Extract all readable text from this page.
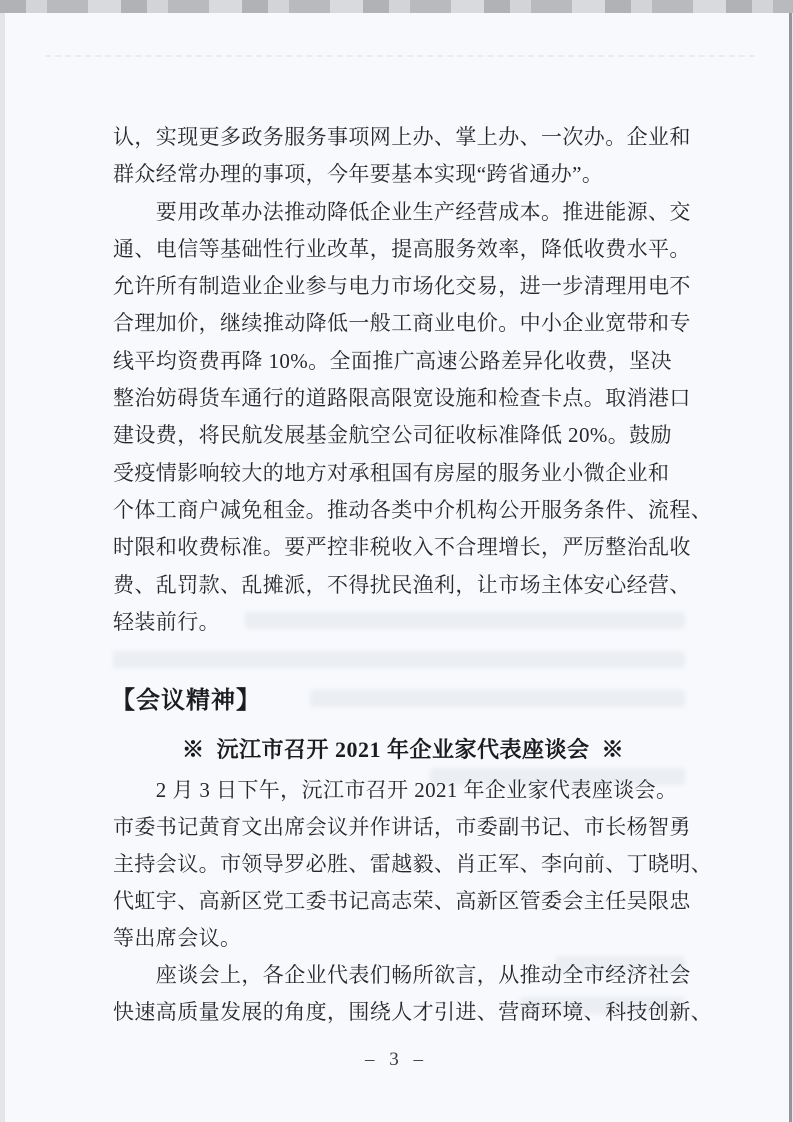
认，实现更多政务服务事项网上办、掌上办、一次办。企业和
群众经常办理的事项，今年要基本实现“跨省通办”。
　　要用改革办法推动降低企业生产经营成本。推进能源、交
通、电信等基础性行业改革，提高服务效率，降低收费水平。
允许所有制造业企业参与电力市场化交易，进一步清理用电不
合理加价，继续推动降低一般工商业电价。中小企业宽带和专
线平均资费再降 10%。全面推广高速公路差异化收费，坚决
整治妨碍货车通行的道路限高限宽设施和检查卡点。取消港口
建设费，将民航发展基金航空公司征收标准降低 20%。鼓励
受疫情影响较大的地方对承租国有房屋的服务业小微企业和
个体工商户减免租金。推动各类中介机构公开服务条件、流程、
时限和收费标准。要严控非税收入不合理增长，严厉整治乱收
费、乱罚款、乱摊派，不得扰民渔利，让市场主体安心经营、
轻装前行。
【会议精神】
※  沅江市召开 2021 年企业家代表座谈会  ※
　　2 月 3 日下午，沅江市召开 2021 年企业家代表座谈会。
市委书记黄育文出席会议并作讲话，市委副书记、市长杨智勇
主持会议。市领导罗必胜、雷越毅、肖正军、李向前、丁晓明、
代虹宇、高新区党工委书记高志荣、高新区管委会主任吴限忠
等出席会议。
　　座谈会上，各企业代表们畅所欲言，从推动全市经济社会
快速高质量发展的角度，围绕人才引进、营商环境、科技创新、
– 3 –
